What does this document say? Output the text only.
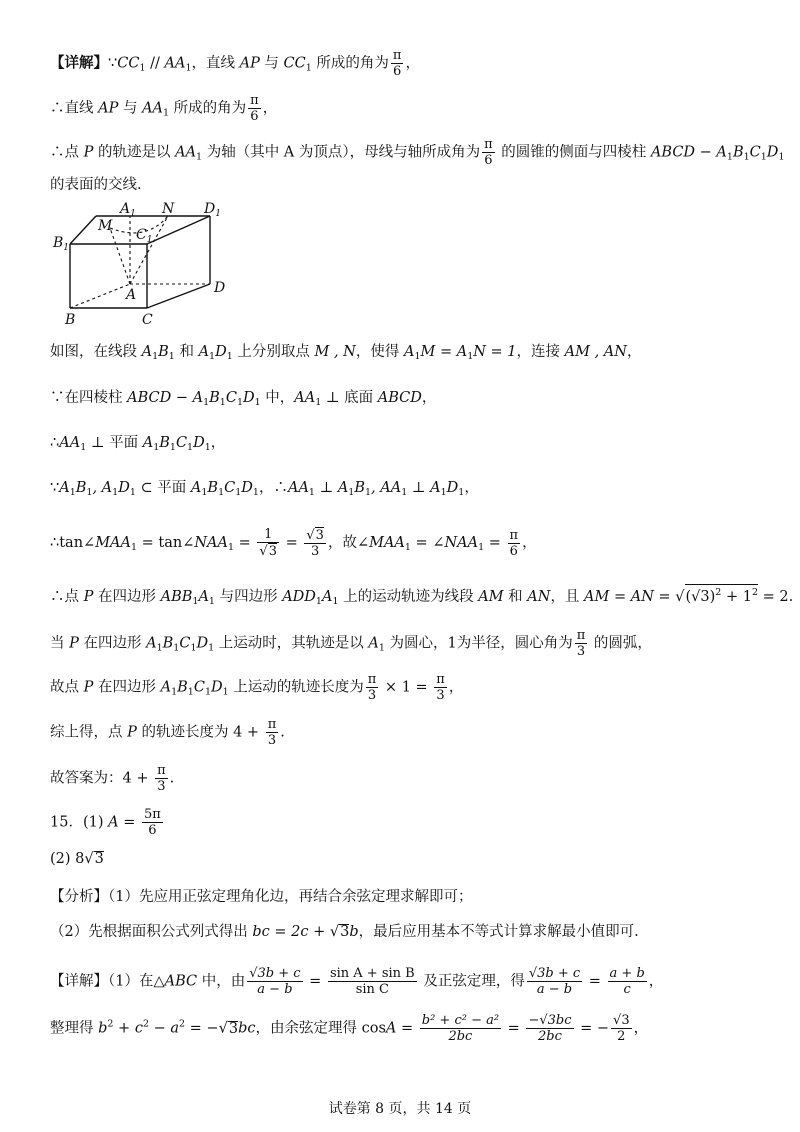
【详解】$\because CC_1 // AA_1$，直线 AP 与 $CC_1$ 所成的角为 $\frac{\pi}{6}$ ，
∴直线 AP 与 $AA_1$ 所成的角为 $\frac{\pi}{6}$ ，
∴点 P 的轨迹是以 $AA_1$ 为轴（其中 A 为顶点），母线与轴所成角为 $\frac{\pi}{6}$ 的圆锥的侧面与四棱柱 ABCD − $A_1B_1C_1D_1$
的表面的交线.
$A_1$ N $D_1$
M
$C_1$
$B_1$
A	D
B	C
如图，在线段 $A_1B_1$ 和 $A_1D_1$ 上分别取点 M , N，使得 $A_1M = A_1N = 1$，连接 AM , AN，
∵在四棱柱 ABCD − $A_1B_1C_1D_1$ 中，$AA_1$ ⊥ 底面 ABCD，
$\therefore AA_1$ ⊥ 平面 $A_1B_1C_1D_1$，
$\because A_1B_1$, $A_1D_1$ ⊂ 平面 $A_1B_1C_1D_1$，$\therefore AA_1$ ⊥ $A_1B_1$, $AA_1$ ⊥ $A_1D_1$，
$\therefore\tan\angle MAA_1$ = $\tan\angle NAA_1 = \frac{1}{√3} = \frac{√3}{3}$ ，故$\angle MAA_1$ = $\angle NAA_1 = \frac{\pi}{6}$ ，
∴点 P 在四边形 $ABB_1A_1$ 与四边形 $ADD_1A_1$ 上的运动轨迹为线段 AM 和 AN，且 AM = AN = $√(√3)^2 + 1^2 = 2$.
当 P 在四边形 $A_1B_1C_1D_1$ 上运动时，其轨迹是以 $A_1$ 为圆心，1为半径，圆心角为 $\frac{\pi}{3}$ 的圆弧，
故点 P 在四边形 $A_1B_1C_1D_1$ 上运动的轨迹长度为 $\frac{\pi}{3} \times 1 = \frac{\pi}{3}$ ，
综上得，点 P 的轨迹长度为 $4 + \frac{\pi}{3}$ .
故答案为：$4 + \frac{\pi}{3}$ .
15．(1) $A = \frac{5\pi}{6}$
(2) 8√3
【分析】（1）先应用正弦定理角化边，再结合余弦定理求解即可；
（2）先根据面积公式列式得出 bc = 2c + √3b，最后应用基本不等式计算求解最小值即可.
【详解】（1）在△ABC 中，由 $\frac{√3b + c}{a - b} = \frac{\text{sin A + sin B}}{\text{sin C}}$ 及正弦定理，得 $\frac{√3b + c}{a - b} = \frac{a + b}{c}$ ，
整理得 $b^2 + c^2 - a^2 = -√3bc$，由余弦定理得 $\cos A = \frac{\text{b² + c² − a²}}{2bc} = \frac{-√3bc}{2bc}$ = − $\frac{√3}{2}$ ，
试卷第 8 页，共 14 页
